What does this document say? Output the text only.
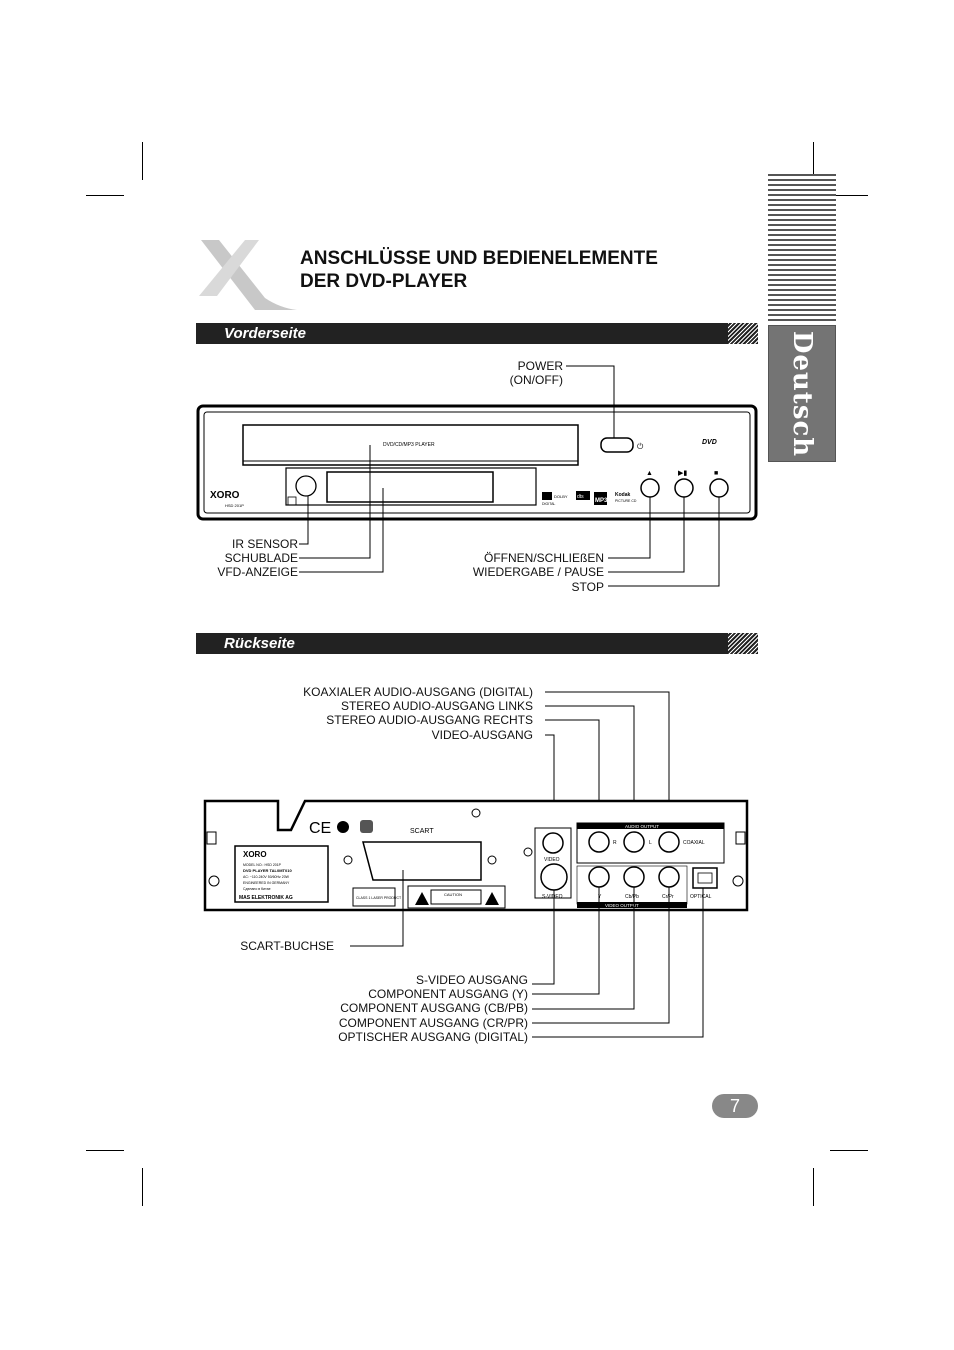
Deutsch
ANSCHLÜSSE UND BEDIENELEMENTE
DER DVD-PLAYER
Vorderseite
DVD/CD/MP3 PLAYER	⏻	DVD
XORO
HSD 201P
DOLBY
DIGITAL
dts
MP3
Kodak
PICTURE CD
▲	▶▮	■
POWER
(ON/OFF)
IR SENSOR
SCHUBLADE
VFD-ANZEIGE
ÖFFNEN/SCHLIEßEN
WIEDERGABE / PAUSE
STOP
Rückseite
KOAXIALER AUDIO-AUSGANG (DIGITAL)
STEREO AUDIO-AUSGANG LINKS
STEREO AUDIO-AUSGANG RECHTS
VIDEO-AUSGANG
CE	SCART
XORO
MODEL NO.: HSD 201P
DVD PLAYER TAL0MT010
AC: ~110-240V 50/60Hz 20W
ENGINEERED IN GERMANY
Сделано в Китае
MAS ELEKTRONIK AG	CLASS 1 LASER PRODUCT
CAUTION
VIDEO
S-VIDEO
AUDIO OUTPUT
R	L	COAXIAL
Y	Cb/Pb	Cr/Pr	OPTICAL
VIDEO OUTPUT
SCART-BUCHSE
S-VIDEO AUSGANG
COMPONENT AUSGANG (Y)
COMPONENT AUSGANG (CB/PB)
COMPONENT AUSGANG (CR/PR)
OPTISCHER AUSGANG (DIGITAL)
7
